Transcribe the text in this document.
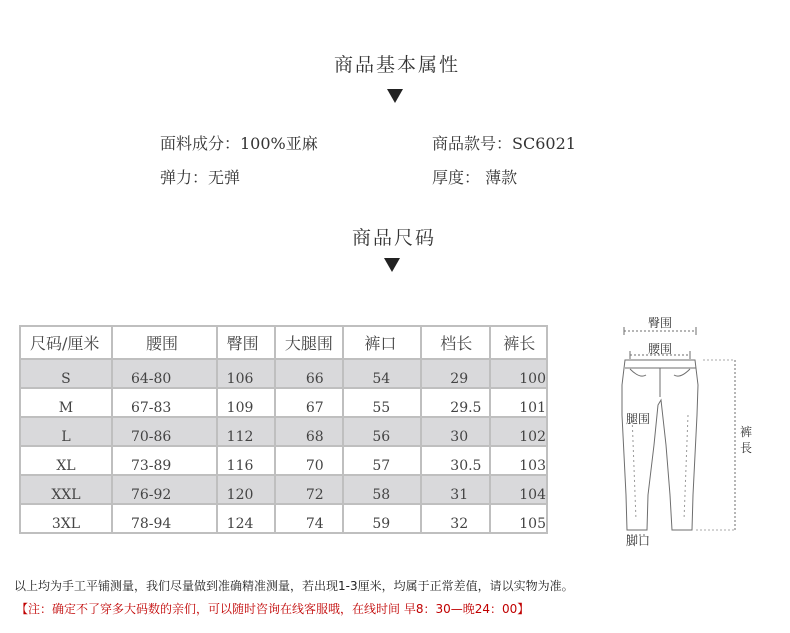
商品基本属性
面料成分：100%亚麻	商品款号：SC6021
弹力：无弹	厚度： 薄款
商品尺码
尺码/厘米	腰围	臀围	大腿围	裤口	档长	裤长
S	64-80	106	66	54	29	100
M	67-83	109	67	55	29.5	101
L	70-86	112	68	56	30	102
XL	73-89	116	70	57	30.5	103
XXL	76-92	120	72	58	31	104
3XL	78-94	124	74	59	32	105
臀围
腰围
腿围
裤
長
脚口
以上均为手工平铺测量，我们尽量做到准确精准测量，若出现1-3厘米，均属于正常差值，请以实物为准。
【注：确定不了穿多大码数的亲们，可以随时咨询在线客服哦，在线时间 早8：30—晚24：00】
